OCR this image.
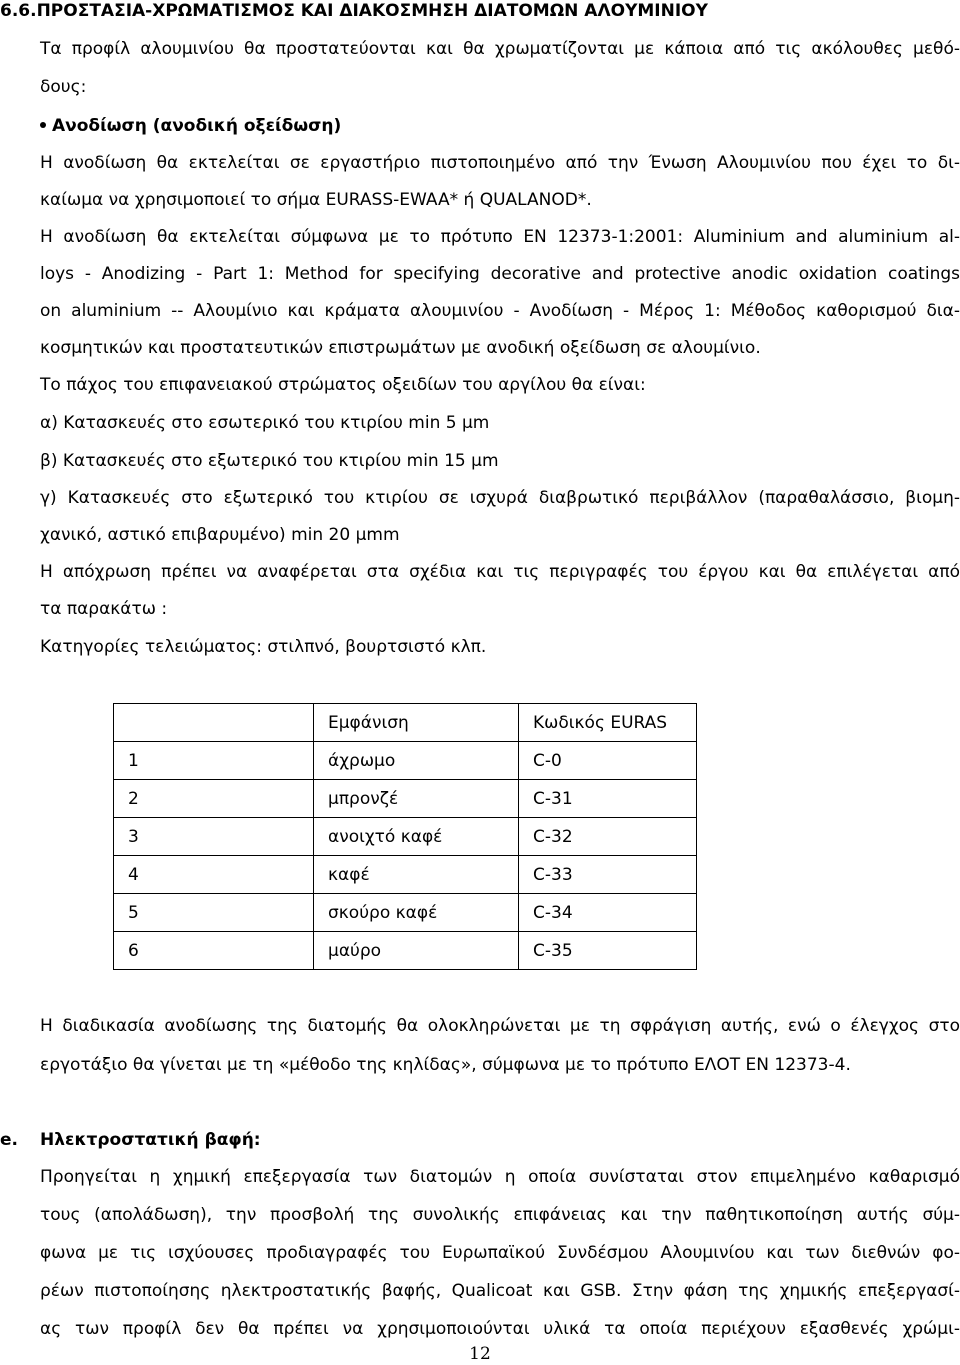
6.6.ΠΡΟΣΤΑΣΙΑ-ΧΡΩΜΑΤΙΣΜΟΣ ΚΑΙ ΔΙΑΚΟΣΜΗΣΗ ΔΙΑΤΟΜΩΝ ΑΛΟΥΜΙΝΙΟΥ
Τα προφίλ αλουμινίου θα προστατεύονται και θα χρωματίζονται με κάποια από τις ακόλουθες μεθό-
δους:
Ανοδίωση (ανοδική οξείδωση)
Η ανοδίωση θα εκτελείται σε εργαστήριο πιστοποιημένο από την Ένωση Αλουμινίου που έχει το δι-
καίωμα να χρησιμοποιεί το σήμα EURASS-EWAA* ή QUALANOD*.
Η ανοδίωση θα εκτελείται σύμφωνα με το πρότυπο EN 12373-1:2001: Aluminium and aluminium al-
loys - Anodizing - Part 1: Method for specifying decorative and protective anodic oxidation coatings
on aluminium -- Αλουμίνιο και κράματα αλουμινίου - Ανοδίωση - Μέρος 1: Μέθοδος καθορισμού δια-
κοσμητικών και προστατευτικών επιστρωμάτων με ανοδική οξείδωση σε αλουμίνιο.
Το πάχος του επιφανειακού στρώματος οξειδίων του αργίλου θα είναι:
α) Κατασκευές στο εσωτερικό του κτιρίου min 5 μm
β) Κατασκευές στο εξωτερικό του κτιρίου min 15 μm
γ) Κατασκευές στο εξωτερικό του κτιρίου σε ισχυρά διαβρωτικό περιβάλλον (παραθαλάσσιο, βιομη-
χανικό, αστικό επιβαρυμένο) min 20 μmm
Η απόχρωση πρέπει να αναφέρεται στα σχέδια και τις περιγραφές του έργου και θα επιλέγεται από
τα παρακάτω :
Κατηγορίες τελειώματος: στιλπνό, βουρτσιστό κλπ.
	Εμφάνιση	Κωδικός EURAS
1	άχρωμο	C-0
2	μπρονζέ	C-31
3	ανοιχτό καφέ	C-32
4	καφέ	C-33
5	σκούρο καφέ	C-34
6	μαύρο	C-35
Η διαδικασία ανοδίωσης της διατομής θα ολοκληρώνεται με τη σφράγιση αυτής, ενώ ο έλεγχος στο
εργοτάξιο θα γίνεται με τη «μέθοδο της κηλίδας», σύμφωνα με το πρότυπο ΕΛΟΤ ΕΝ 12373-4.
e. Ηλεκτροστατική βαφή:
Προηγείται η χημική επεξεργασία των διατομών η οποία συνίσταται στον επιμελημένο καθαρισμό
τους (απολάδωση), την προσβολή της συνολικής επιφάνειας και την παθητικοποίηση αυτής σύμ-
φωνα με τις ισχύουσες προδιαγραφές του Ευρωπαϊκού Συνδέσμου Αλουμινίου και των διεθνών φο-
ρέων πιστοποίησης ηλεκτροστατικής βαφής, Qualicoat και GSB. Στην φάση της χημικής επεξεργασί-
ας των προφίλ δεν θα πρέπει να χρησιμοποιούνται υλικά τα οποία περιέχουν εξασθενές χρώμι-
12
